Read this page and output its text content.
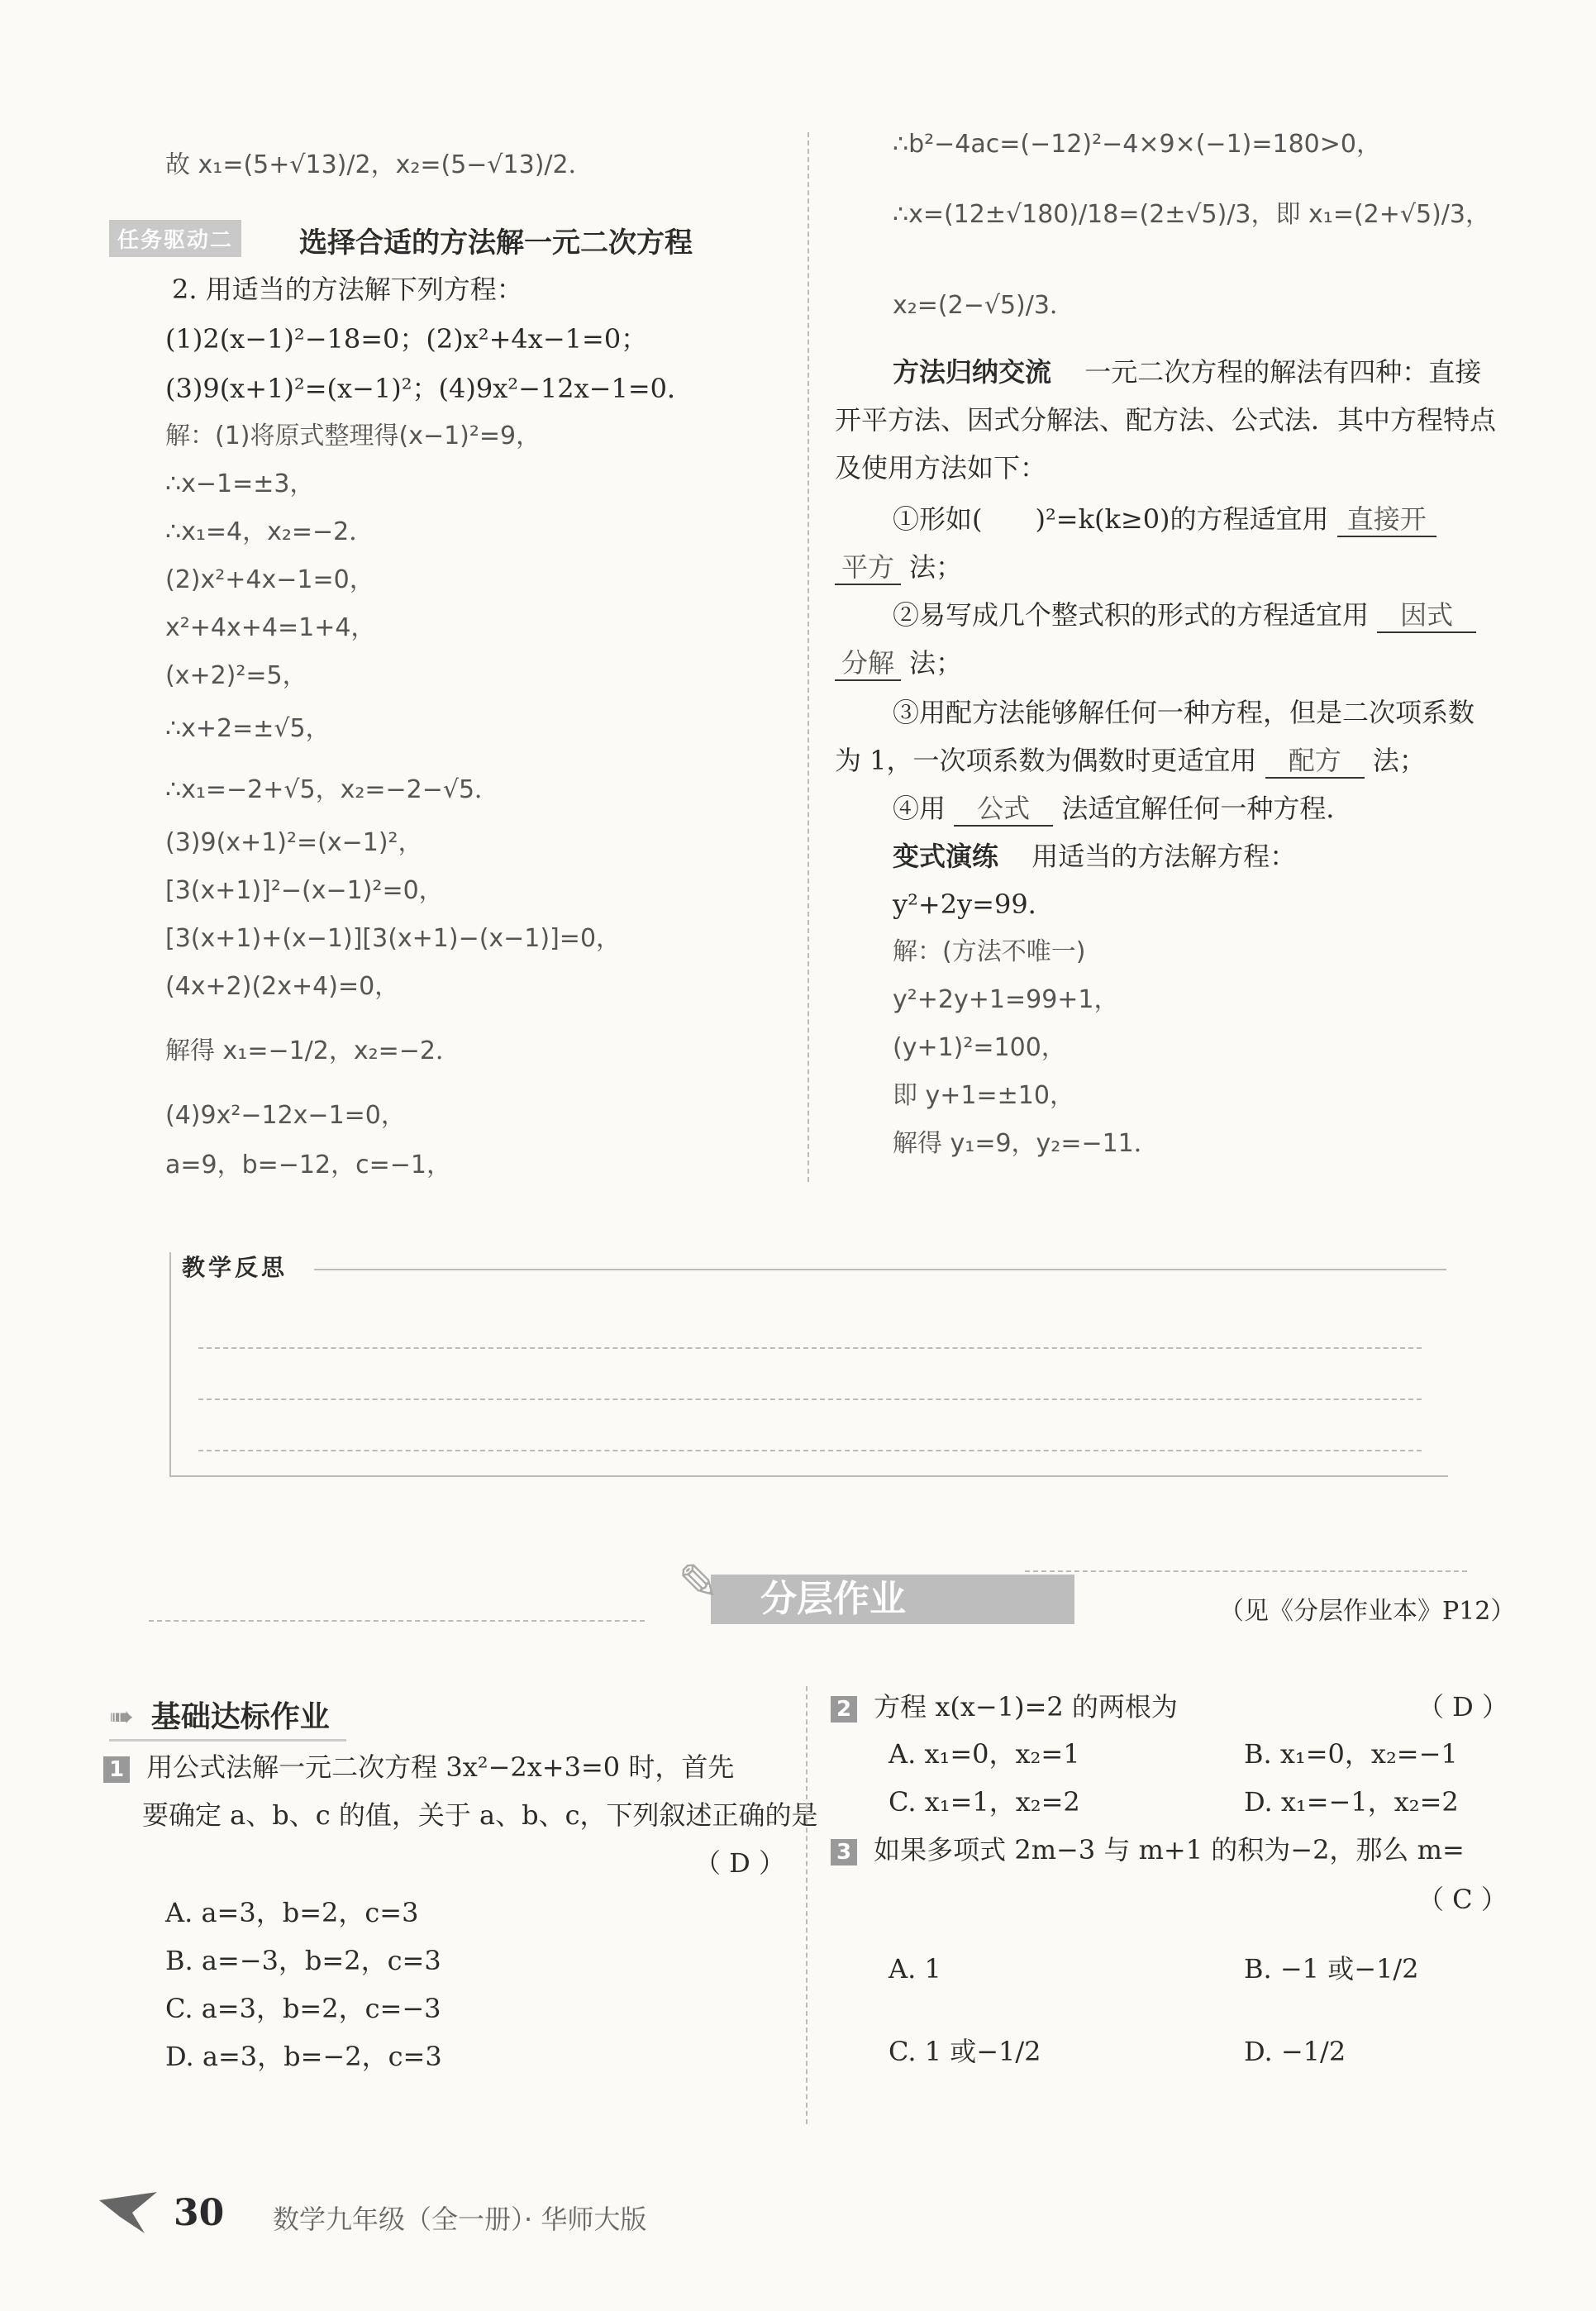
故 x₁=(5+√13)/2，x₂=(5−√13)/2．
任务驱动二 选择合适的方法解一元二次方程
2. 用适当的方法解下列方程：
(1)2(x−1)²−18=0；(2)x²+4x−1=0；
(3)9(x+1)²=(x−1)²；(4)9x²−12x−1=0．
解：(1)将原式整理得(x−1)²=9，
∴x−1=±3，
∴x₁=4，x₂=−2．
(2)x²+4x−1=0，
x²+4x+4=1+4，
(x+2)²=5，
∴x+2=±√5，
∴x₁=−2+√5，x₂=−2−√5．
(3)9(x+1)²=(x−1)²，
[3(x+1)]²−(x−1)²=0，
[3(x+1)+(x−1)][3(x+1)−(x−1)]=0，
(4x+2)(2x+4)=0，
解得 x₁=−1/2，x₂=−2．
(4)9x²−12x−1=0，
a=9，b=−12，c=−1，
∴b²−4ac=(−12)²−4×9×(−1)=180>0，
∴x=(12±√180)/18=(2±√5)/3，即 x₁=(2+√5)/3，
x₂=(2−√5)/3．
方法归纳交流 一元二次方程的解法有四种：直接
开平方法、因式分解法、配方法、公式法．其中方程特点
及使用方法如下：
①形如(　　)²=k(k≥0)的方程适宜用 直接开
平方 法；
②易写成几个整式积的形式的方程适宜用 因式
分解 法；
③用配方法能够解任何一种方程，但是二次项系数
为 1，一次项系数为偶数时更适宜用 配方 法；
④用 公式 法适宜解任何一种方程．
变式演练 用适当的方法解方程：
y²+2y=99．
解：(方法不唯一)
y²+2y+1=99+1，
(y+1)²=100，
即 y+1=±10，
解得 y₁=9，y₂=−11．
教学反思
分层作业
✎	（见《分层作业本》P12）
➠ 基础达标作业
1 用公式法解一元二次方程 3x²−2x+3=0 时，首先
要确定 a、b、c 的值，关于 a、b、c，下列叙述正确的是
（ D ）
A. a=3，b=2，c=3
B. a=−3，b=2，c=3
C. a=3，b=2，c=−3
D. a=3，b=−2，c=3
2 方程 x(x−1)=2 的两根为	（ D ）
A. x₁=0，x₂=1	B. x₁=0，x₂=−1
C. x₁=1，x₂=2	D. x₁=−1，x₂=2
3 如果多项式 2m−3 与 m+1 的积为−2，那么 m=
（ C ）
A. 1	B. −1 或−1/2
C. 1 或−1/2	D. −1/2
30 数学九年级（全一册）· 华师大版
